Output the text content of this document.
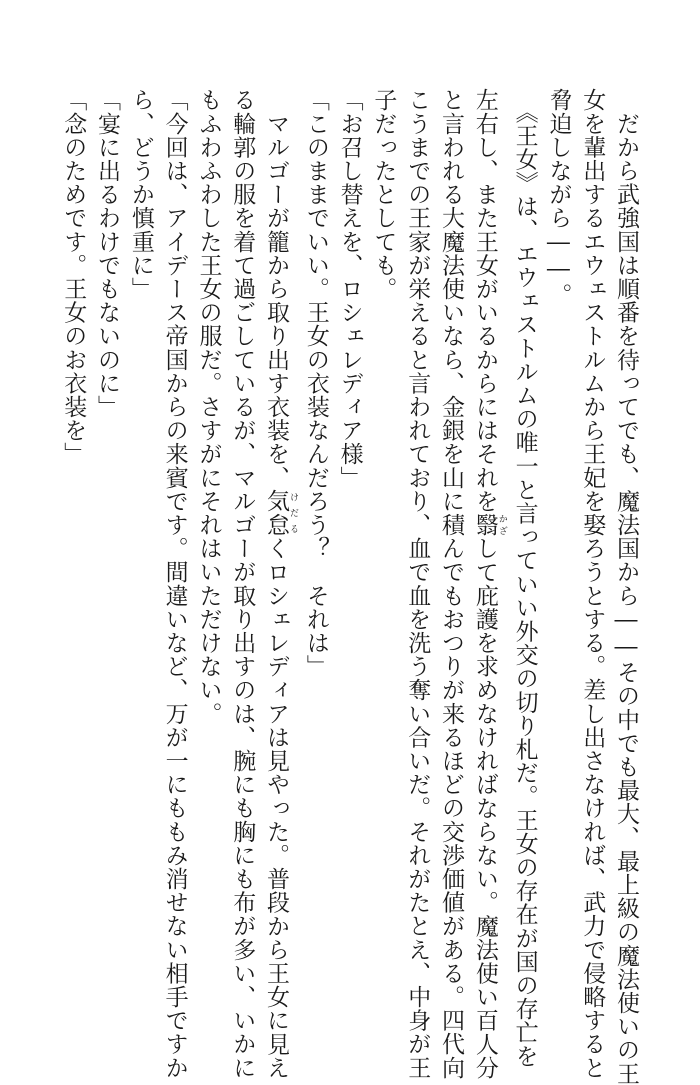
　だから武強国は順番を待ってでも、魔法国から――その中でも最大、最上級の魔法使いの王
女を輩出するエウェストルムから王妃を娶ろうとする。差し出さなければ、武力で侵略すると
脅迫しながら――。
　《王女》は、エウェストルムの唯一と言っていい外交の切り札だ。王女の存在が国の存亡を
左右し、また王女がいるからにはそれを翳 かざして庇護を求めなければならない。魔法使い百人分
と言われる大魔法使いなら、金銀を山に積んでもおつりが来るほどの交渉価値がある。四代向
こうまでの王家が栄えると言われており、血で血を洗う奪い合いだ。それがたとえ、中身が王
子だったとしても。
「お召し替えを、ロシェレディア様」
「このままでいい。王女の衣装なんだろう？　それは」
　マルゴーが籠から取り出す衣装を、気怠 けだるくロシェレディアは見やった。普段から王女に見え
る輪郭の服を着て過ごしているが、マルゴーが取り出すのは、腕にも胸にも布が多い、いかに
もふわふわした王女の服だ。さすがにそれはいただけない。
「今回は、アイデース帝国からの来賓です。間違いなど、万が一にももみ消せない相手ですか
ら、どうか慎重に」
「宴に出るわけでもないのに」
「念のためです。王女のお衣装を」
